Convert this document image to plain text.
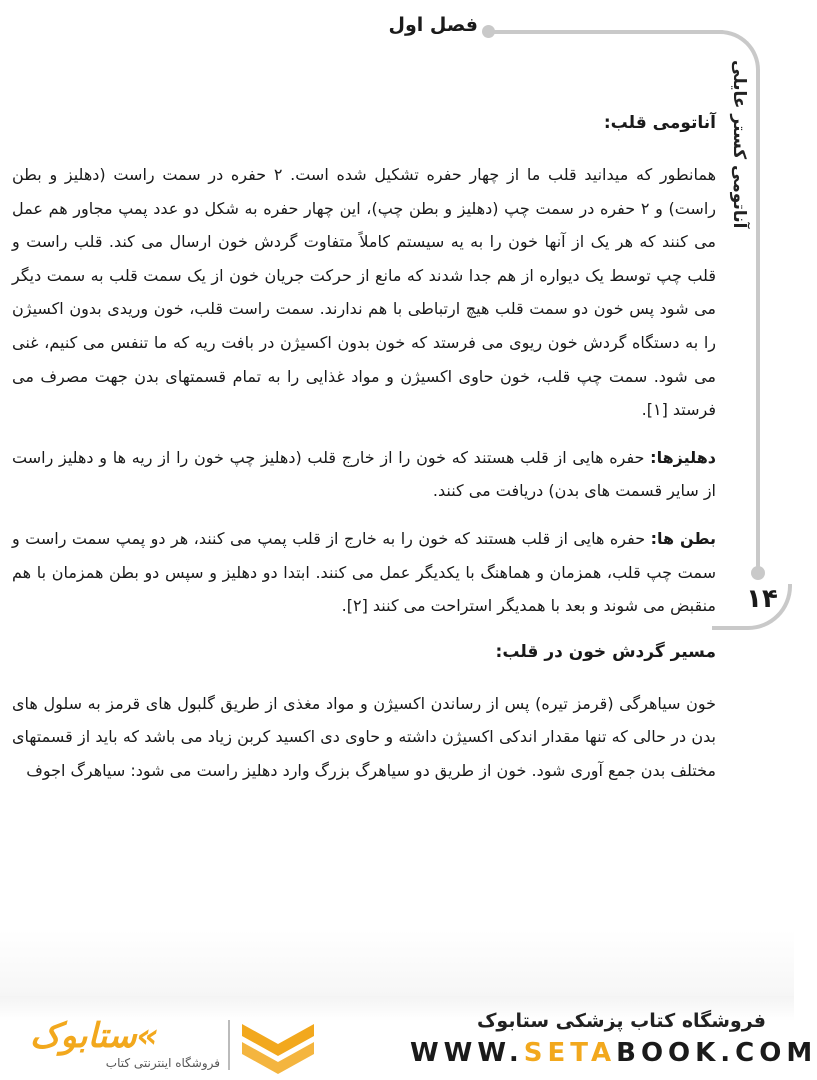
فصل اول
آناتومی کستر عایلی
۱۴
آناتومی قلب:

همانطور که میدانید قلب ما از چهار حفره تشکیل شده است. ۲ حفره در سمت راست (دهلیز و بطن راست) و ۲ حفره در سمت چپ (دهلیز و بطن چپ)، این چهار حفره به شکل دو عدد پمپ مجاور هم عمل می کنند که هر یک از آنها خون را به یه سیستم کاملاً متفاوت گردش خون ارسال می کند. قلب راست و قلب چپ توسط یک دیواره از هم جدا شدند که مانع از حرکت جریان خون از یک سمت قلب به سمت دیگر می شود پس خون دو سمت قلب هیچ ارتباطی با هم ندارند. سمت راست قلب، خون وریدی بدون اکسیژن را به دستگاه گردش خون ریوی می فرستد که خون بدون اکسیژن در بافت ریه که ما تنفس می کنیم، غنی می شود. سمت چپ قلب، خون حاوی اکسیژن و مواد غذایی را به تمام قسمتهای بدن جهت مصرف می فرستد [۱].

دهلیزها: حفره هایی از قلب هستند که خون را از خارج قلب (دهلیز چپ خون را از ریه ها و دهلیز راست از سایر قسمت های بدن) دریافت می کنند.

بطن ها: حفره هایی از قلب هستند که خون را به خارج از قلب پمپ می کنند، هر دو پمپ سمت راست و سمت چپ قلب، همزمان و هماهنگ با یکدیگر عمل می کنند. ابتدا دو دهلیز و سپس دو بطن همزمان با هم منقبض می شوند و بعد با همدیگر استراحت می کنند [۲].

مسیر گردش خون در قلب:

خون سیاهرگی (قرمز تیره) پس از رساندن اکسیژن و مواد مغذی از طریق گلبول های قرمز به سلول های بدن در حالی که تنها مقدار اندکی اکسیژن داشته و حاوی دی اکسید کربن زیاد می باشد که باید از قسمتهای مختلف بدن جمع آوری شود. خون از طریق دو سیاهرگ بزرگ وارد دهلیز راست می شود: سیاهرگ اجوف

ستابوک«
فروشگاه اینترنتی کتاب
فروشگاه کتاب پزشکی ستابوک
WWW.SETABOOK.COM
